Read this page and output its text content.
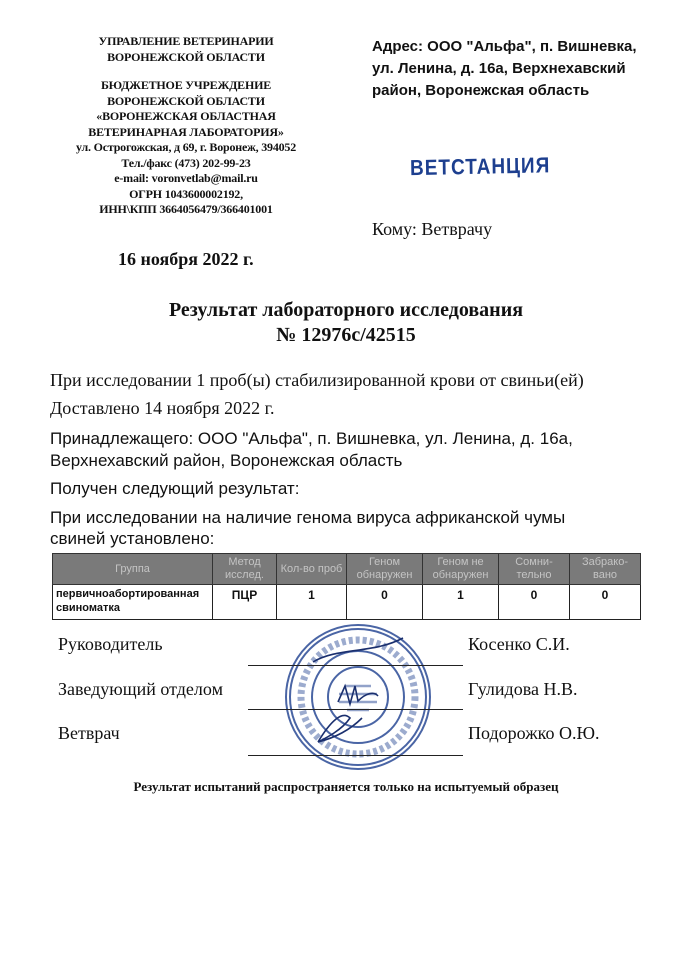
УПРАВЛЕНИЕ ВЕТЕРИНАРИИ
ВОРОНЕЖСКОЙ ОБЛАСТИ
БЮДЖЕТНОЕ УЧРЕЖДЕНИЕ
ВОРОНЕЖСКОЙ ОБЛАСТИ
«ВОРОНЕЖСКАЯ ОБЛАСТНАЯ
ВЕТЕРИНАРНАЯ ЛАБОРАТОРИЯ»
ул. Острогожская, д 69, г. Воронеж, 394052
Тел./факс (473) 202-99-23
e-mail: voronvetlab@mail.ru
ОГРН 1043600002192,
ИНН\КПП 3664056479/366401001
Адрес: ООО "Альфа", п. Вишневка,
ул. Ленина, д. 16а, Верхнехавский
район, Воронежская область
ВЕТСТАНЦИЯ
Кому: Ветврачу
16 ноября 2022 г.
Результат лабораторного исследования
№ 12976с/42515
При исследовании 1 проб(ы) стабилизированной крови от свиньи(ей)
Доставлено 14 ноября 2022 г.
Принадлежащего: ООО "Альфа", п. Вишневка, ул. Ленина, д. 16а,
Верхнехавский район, Воронежская область
Получен следующий результат:
При исследовании на наличие генома вируса африканской чумы
свиней установлено:
Группа	Метод исслед.	Кол-во проб	Геном обнаружен	Геном не обнаружен	Сомни-тельно	Забрако-вано
первичноабортированная свиноматка	ПЦР	1	0	1	0	0
Руководитель	Косенко С.И.
Заведующий отделом	Гулидова Н.В.
Ветврач	Подорожко О.Ю.
Результат испытаний распространяется только на испытуемый образец
